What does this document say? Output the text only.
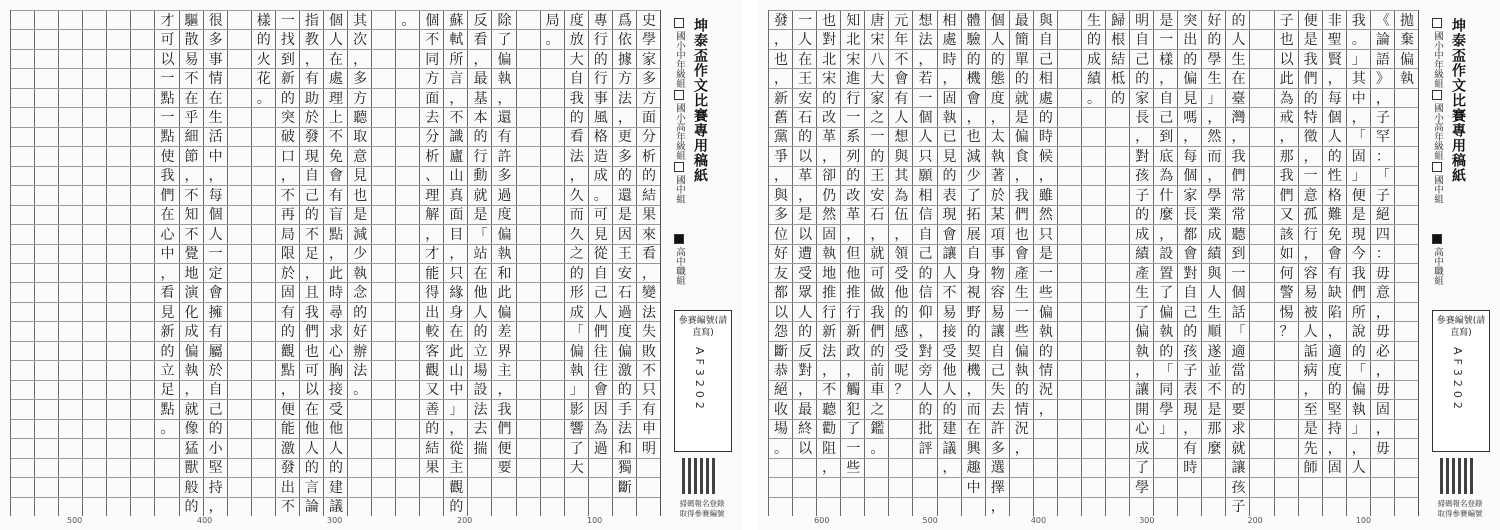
史
學
家
多
方
面
分
析
的
結
果
來
看
，
變
法
失
敗
不
只
有
申
明
爲
依
據
方
法
，
更
多
的
還
是
因
王
安
石
過
度
偏
激
的
手
法
和
獨
斷
專
行
的
行
事
風
格
造
成
。
可
見
從
自
己
人
們
往
往
會
因
為
過
度
放
大
自
我
的
看
法
，
久
而
久
之
的
形
成
「
偏
執
」
影
響
了
大
局
。
除
了
偏
執
，
還
有
許
多
過
度
偏
執
和
此
偏
差
界
主
，
我
們
便
要
反
看
，
最
基
本
的
行
動
就
是
「
站
在
他
人
的
立
場
設
法
去
揣
蘇
軾
所
言
，
不
識
廬
山
真
面
目
，
只
緣
身
在
此
山
中
」
，
從
主
觀
的
個
不
同
方
面
去
分
析
、
理
解
，
才
能
得
出
較
客
觀
又
善
的
結
果
。
其
次
，
多
方
聽
取
意
見
也
是
減
少
執
念
的
好
辦
法
。
個
人
在
處
理
上
不
免
會
有
盲
點
，
此
時
尋
求
心
胸
接
受
他
人
的
建
議
指
教
，
有
助
於
發
現
自
己
的
不
足
，
且
我
們
也
可
以
在
他
人
的
言
論
一
找
到
新
的
突
破
口
，
不
再
局
限
於
固
有
的
觀
點
，
便
能
激
發
出
不
樣
的
火
花
。
很
多
事
情
在
生
活
中
，
每
個
人
一
定
會
擁
有
屬
於
自
己
的
小
堅
持
，
驅
散
易
不
在
乎
細
節
，
不
知
不
覺
地
演
化
成
偏
執
，
就
像
猛
獸
般
的
才
可
以
一
點
一
點
使
我
們
在
心
中
，
看
見
新
的
立
足
點
。
500	400	300	200	100
坤泰盃作文比賽專用稿紙
國小中年級組
國小高年級組
國中組
高中職組
參賽編號(請直寫)
AF3202
掃碼報名登錄
取得參賽編號
拋
棄
偏
執
《
論
語
》
，
子
罕
：
「
子
絕
四
：
毋
意
，
毋
必
，
毋
固
，
毋
我
。
」
其
中
，
「
固
」
便
是
現
今
我
們
所
說
的
「
偏
執
」
，
人
非
聖
賢
，
每
個
人
的
性
格
難
免
會
有
缺
陷
，
適
度
的
堅
持
，
固
便
是
我
們
的
特
徵
，
一
意
孤
行
，
容
易
被
人
詬
病
，
至
是
先
師
子
也
以
此
為
戒
，
那
我
們
又
該
如
何
警
惕
？
的
人
生
在
臺
灣
，
我
們
常
常
聽
到
一
個
話
「
適
當
的
要
求
就
讓
孩
子
好
的
學
生
」
，
然
而
，
學
業
成
績
與
人
生
順
遂
並
不
是
那
麼
突
出
的
偏
見
嗎
，
每
個
家
長
都
會
對
自
己
的
孩
子
表
現
，
有
時
是
一
樣
，
自
己
到
底
為
什
麼
，
設
置
了
偏
執
的
「
同
學
」
明
自
己
的
家
長
，
對
孩
子
的
成
績
產
生
了
偏
執
，
讓
開
心
成
了
學
歸
根
結
柢
的
生
的
成
績
。
與
自
己
相
處
的
時
候
，
雖
然
只
是
一
些
偏
執
的
情
況
，
最
簡
單
的
就
是
偏
食
，
我
們
也
會
產
生
一
些
偏
執
的
情
況
，
個
人
的
態
度
，
太
執
著
於
某
項
事
物
容
易
讓
自
己
失
去
許
多
選
擇
，
體
驗
的
機
會
，
也
減
少
了
拓
展
自
身
視
野
的
契
機
，
而
在
興
趣
中
相
處
時
，
固
執
已
見
的
表
現
會
讓
人
不
易
接
受
他
人
的
建
議
，
想
法
，
若
一
個
人
只
願
相
信
自
己
的
信
仰
，
對
旁
人
的
批
評
元
年
不
會
有
人
想
與
其
為
伍
，
領
受
他
的
感
受
呢
？
唐
宋
八
大
家
之
一
的
王
安
石
，
就
可
做
我
們
的
前
車
之
鑑
。
知
北
宋
進
行
一
系
列
的
改
革
，
但
他
推
行
新
政
，
觸
犯
了
一
些
也
對
北
宋
的
改
革
，
卻
仍
然
固
執
地
推
行
新
法
，
不
聽
勸
阻
，
一
人
在
王
安
石
的
以
革
，
是
以
遭
受
眾
人
的
反
對
，
最
終
以
發
，
也
，
新
舊
黨
爭
，
與
多
位
好
友
都
以
怨
斷
恭
絕
收
場
。
600	500	400	300	200	100
坤泰盃作文比賽專用稿紙
國小中年級組
國小高年級組
國中組
高中職組
參賽編號(請直寫)
AF3202
掃碼報名登錄
取得參賽編號
